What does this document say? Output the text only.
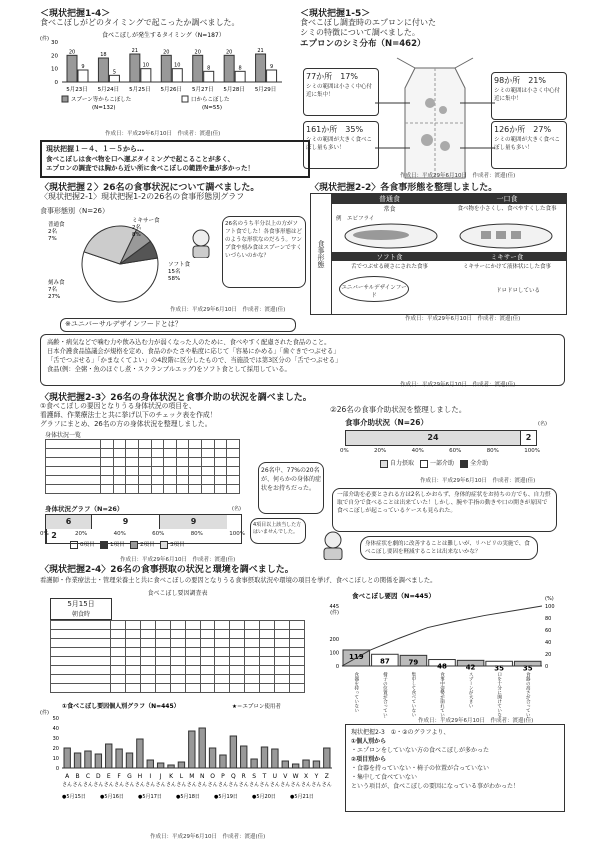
＜現状把握1-4＞
食べこぼしがどのタイミングで起こったか調べました。
食べこぼしが発生するタイミング（N=187）
(件)
30
20
10
0
20
9
5月23日
18
5
5月24日
21
10
5月25日
20
10
5月26日
20
8
5月27日
20
8
5月28日
21
9
5月29日
スプーン等からこぼした
(N=132)
口からこぼした
(N=55)
作成日：平成29年6月10日　作成者：渡邊(佳)
＜現状把握1-5＞
食べこぼし調査時のエプロンに付いた
シミの特徴について調べました。
エプロンのシミ分布（N=462）
77か所　 17%
シミの範囲は小さく中心付近に集中！
98か所　 21%
シミの範囲は小さく中心付近に集中！
161か所　 35%
シミの範囲が大きく食べこぼし量も多い！
126か所　 27%
シミの範囲が大きく食べこぼし量も多い！
作成日：平成29年6月10日　作成者：渡邊(佳)
現状把握１－４、１－５から…
食べこぼしは食べ物を口へ運ぶタイミングで起こることが多く、
エプロンの調査では胸から近い所に食べこぼしの範囲や量が多かった！
〈現状把握２〉26名の食事状況について調べました。
〈現状把握2-1〉現状把握1-2の26名の食事形態別グラフ
食事形態別（N=26）
ソフト食
15名
58%
刻み食
7名
27%
普通食
2名
7%
ミキサー食
2名
8%
26名のうち半分以上の方がソフト食でした！各食事形態はどのような形状なのだろう。ワンプ食や刻み食はスプーンですくいづらいのかな？
作成日：平成29年6月10日　作成者：渡邊(佳)
〈現状把握2-2〉各食事形態を整理しました。
食事形態
普通食	一口食
常食	食べ物を小さくし、食べやすくした食事
例　エビフライ
ソフト食	ミキサー食
舌でつぶせる硬さにされた食事	ミキサーにかけて液体状にした食事
ユニバーサルデザインフード
ドロドロしている
作成日：平成29年6月10日　作成者：渡邊(佳)
※ユニバーサルデザインフードとは？
高齢・病気などで噛む力や飲み込む力が弱くなった人のために、食べやすく配慮された食品のこと。
日本介護食品協議会が規格を定め、食品のかたさや粘度に応じて「容易にかめる」「歯ぐきでつぶせる」
「舌でつぶせる」「かまなくてよい」の4段階に区分したもので、当施設では第3区分の「舌でつぶせる」
食品(例：全粥・魚のほぐし煮・スクランブルエッグ)をソフト食として採用している。
作成日：平成29年6月10日　作成者：渡邊(佳)
〈現状把握2-3〉26名の身体状況と食事介助の状況を調べました。
①食べこぼしの要因となりうる身体状況の項目を、
看護師、作業療法士と共に挙げ以下のチェック表を作成！
グラフにまとめ、26名の方の身体状況を整理しました。
身体状況一覧

26名中、77%の20名が、何らかの身体的症状をお持ちだった。
身体状況グラフ（N=26）
6	9	92
(名)
0%	20%	40%	60%	80%	100%
0項目　	1項目　	2項目　	3項目
4項目以上該当した方はいませんでした。
作成日：平成29年6月10日　作成者：渡邊(佳)
②26名の食事介助状況を整理しました。
食事介助状況（N=26）
24	2
(名)
0%	20%	40%	60%	80%	100%
自力摂取　	一部介助　	全介助
作成日：平成29年6月10日　作成者：渡邊(佳)
一部介助を必要とされる方は2名しかおらず、身体的症状をお持ちの方でも、自力摂取で自分で食べることは出来ていた！しかし、腕や手指の動きや口の開きが原因で食べこぼしが起こっているケースも見られた。
身体症状を劇的に改善することは難しいが、リハビリの実施で、食べこぼし要因を軽減することは出来ないかな？
〈現状把握2-4〉26名の食事摂取の状況と環境を調べました。
看護師・作業療法士・管理栄養士と共に食べこぼしの要因となりうる食事摂取状況や環境の項目を挙げ、食べこぼしとの関係を調べました。
食べこぼし要因調査表
5月15日
朝食時

食べこぼし要因（N=445）
445
(件)
200
100
0
100
80
60
40
20
0
(%)
119
食器を持っていない
87
椅子の位置が合っていない
79
集中して食べていない
48
食事中姿勢が崩れている
42
スプーンが大きい
35
口を十分に開けていない
35
食器の高さが合っていない
作成日：平成29年6月10日　作成者：渡邊(佳)
①食べこぼし要因個人別グラフ（N=445）	★＝エプロン使用者
(件)
50
40
30
20
10
0
A
さん
B
さん
C
さん
D
さん
E
さん
F
さん
G
さん
H
さん
I
さん
J
さん
K
さん
L
さん
M
さん
N
さん
O
さん
P
さん
Q
さん
R
さん
S
さん
T
さん
U
さん
V
さん
W
さん
X
さん
Y
さん
Z
さん
●5月15日	●5月16日	●5月17日	●5月18日	●5月19日	●5月20日	●5月21日
作成日：平成29年6月10日　作成者：渡邊(佳)
現状把握2-3　①・②のグラフより、
①個人別から
・エプロンをしていない方の食べこぼしが多かった
②項目別から
・食器を持っていない・椅子の位置が合っていない
・集中して食べていない
という項目が、食べこぼしの要因になっている事がわかった！
